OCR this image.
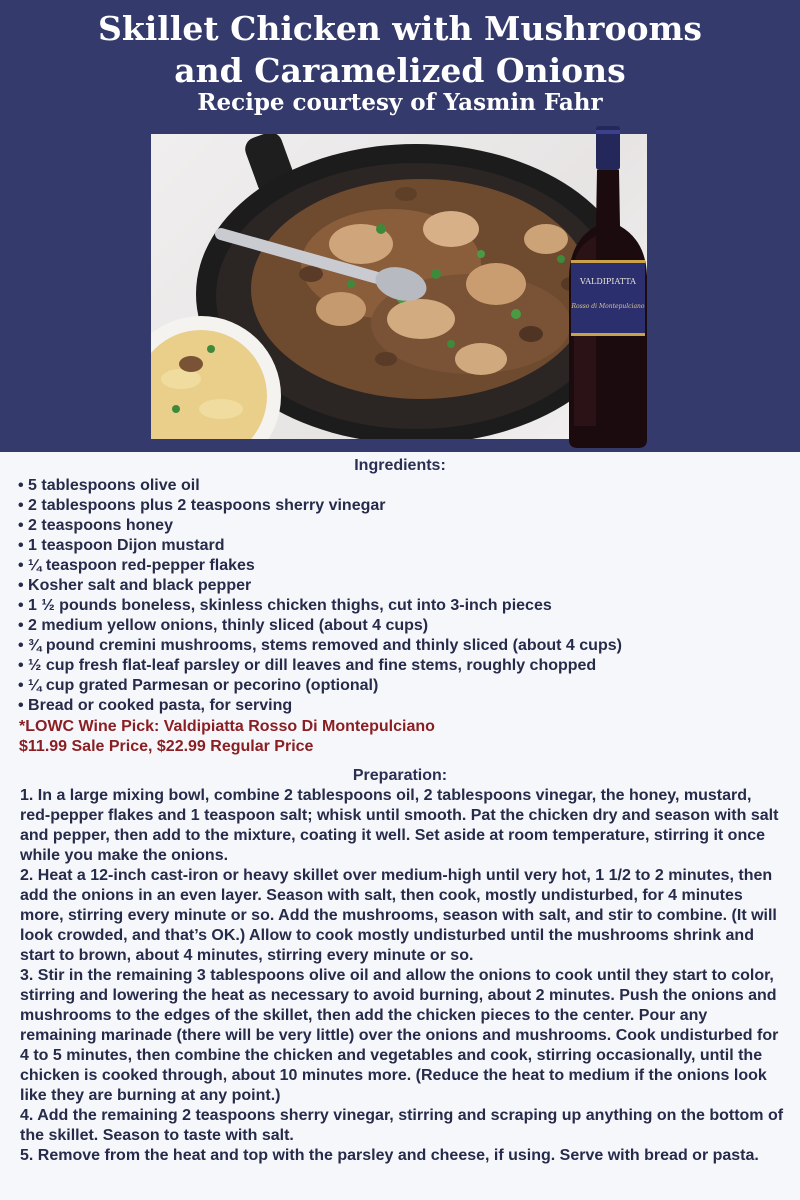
Skillet Chicken with Mushrooms
and Caramelized Onions
Recipe courtesy of Yasmin Fahr
VALDIPIATTA
Rosso di Montepulciano
Ingredients:
• 5 tablespoons olive oil
• 2 tablespoons plus 2 teaspoons sherry vinegar
• 2 teaspoons honey
• 1 teaspoon Dijon mustard
• ¼ teaspoon red-pepper flakes
• Kosher salt and black pepper
• 1 ½ pounds boneless, skinless chicken thighs, cut into 3-inch pieces
• 2 medium yellow onions, thinly sliced (about 4 cups)
• ¾ pound cremini mushrooms, stems removed and thinly sliced (about 4 cups)
• ½ cup fresh flat-leaf parsley or dill leaves and fine stems, roughly chopped
• ¼ cup grated Parmesan or pecorino (optional)
• Bread or cooked pasta, for serving
*LOWC Wine Pick: Valdipiatta Rosso Di Montepulciano
$11.99 Sale Price, $22.99 Regular Price
Preparation:

1. In a large mixing bowl, combine 2 tablespoons oil, 2 tablespoons vinegar, the honey, mustard, red-pepper flakes and 1 teaspoon salt; whisk until smooth. Pat the chicken dry and season with salt and pepper, then add to the mixture, coating it well. Set aside at room temperature, stirring it once while you make the onions.

2. Heat a 12-inch cast-iron or heavy skillet over medium-high until very hot, 1 1/2 to 2 minutes, then add the onions in an even layer. Season with salt, then cook, mostly undisturbed, for 4 minutes more, stirring every minute or so. Add the mushrooms, season with salt, and stir to combine. (It will look crowded, and that’s OK.) Allow to cook mostly undisturbed until the mushrooms shrink and start to brown, about 4 minutes, stirring every minute or so.

3. Stir in the remaining 3 tablespoons olive oil and allow the onions to cook until they start to color, stirring and lowering the heat as necessary to avoid burning, about 2 minutes. Push the onions and mushrooms to the edges of the skillet, then add the chicken pieces to the center. Pour any remaining marinade (there will be very little) over the onions and mushrooms. Cook undisturbed for 4 to 5 minutes, then combine the chicken and vegetables and cook, stirring occasionally, until the chicken is cooked through, about 10 minutes more. (Reduce the heat to medium if the onions look like they are burning at any point.)

4. Add the remaining 2 teaspoons sherry vinegar, stirring and scraping up anything on the bottom of the skillet. Season to taste with salt.

5. Remove from the heat and top with the parsley and cheese, if using. Serve with bread or pasta.
